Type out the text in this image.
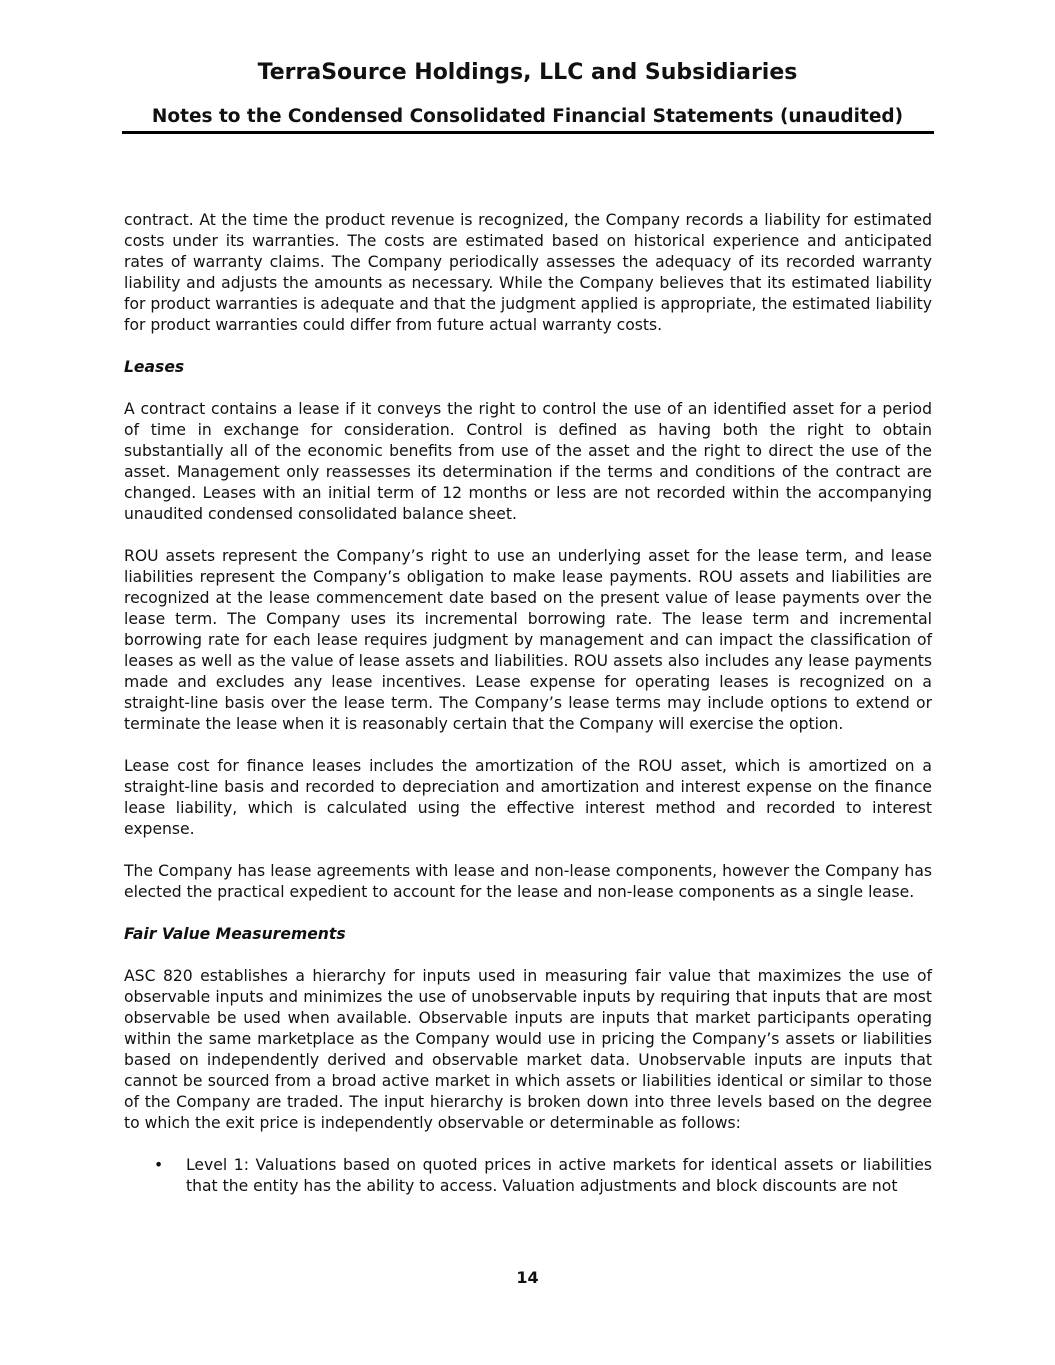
TerraSource Holdings, LLC and Subsidiaries
Notes to the Condensed Consolidated Financial Statements (unaudited)

contract. At the time the product revenue is recognized, the Company records a liability for estimated costs under its warranties. The costs are estimated based on historical experience and anticipated rates of warranty claims. The Company periodically assesses the adequacy of its recorded warranty liability and adjusts the amounts as necessary. While the Company believes that its estimated liability for product warranties is adequate and that the judgment applied is appropriate, the estimated liability for product warranties could differ from future actual warranty costs.

Leases

A contract contains a lease if it conveys the right to control the use of an identified asset for a period of time in exchange for consideration. Control is defined as having both the right to obtain substantially all of the economic benefits from use of the asset and the right to direct the use of the asset. Management only reassesses its determination if the terms and conditions of the contract are changed. Leases with an initial term of 12 months or less are not recorded within the accompanying unaudited condensed consolidated balance sheet.

ROU assets represent the Company’s right to use an underlying asset for the lease term, and lease liabilities represent the Company’s obligation to make lease payments. ROU assets and liabilities are recognized at the lease commencement date based on the present value of lease payments over the lease term. The Company uses its incremental borrowing rate. The lease term and incremental borrowing rate for each lease requires judgment by management and can impact the classification of leases as well as the value of lease assets and liabilities. ROU assets also includes any lease payments made and excludes any lease incentives. Lease expense for operating leases is recognized on a straight-line basis over the lease term. The Company’s lease terms may include options to extend or terminate the lease when it is reasonably certain that the Company will exercise the option.

Lease cost for finance leases includes the amortization of the ROU asset, which is amortized on a straight-line basis and recorded to depreciation and amortization and interest expense on the finance lease liability, which is calculated using the effective interest method and recorded to interest expense.

The Company has lease agreements with lease and non-lease components, however the Company has elected the practical expedient to account for the lease and non-lease components as a single lease.

Fair Value Measurements

ASC 820 establishes a hierarchy for inputs used in measuring fair value that maximizes the use of observable inputs and minimizes the use of unobservable inputs by requiring that inputs that are most observable be used when available. Observable inputs are inputs that market participants operating within the same marketplace as the Company would use in pricing the Company’s assets or liabilities based on independently derived and observable market data. Unobservable inputs are inputs that cannot be sourced from a broad active market in which assets or liabilities identical or similar to those of the Company are traded. The input hierarchy is broken down into three levels based on the degree to which the exit price is independently observable or determinable as follows:

• Level 1: Valuations based on quoted prices in active markets for identical assets or liabilities that the entity has the ability to access. Valuation adjustments and block discounts are not
14
